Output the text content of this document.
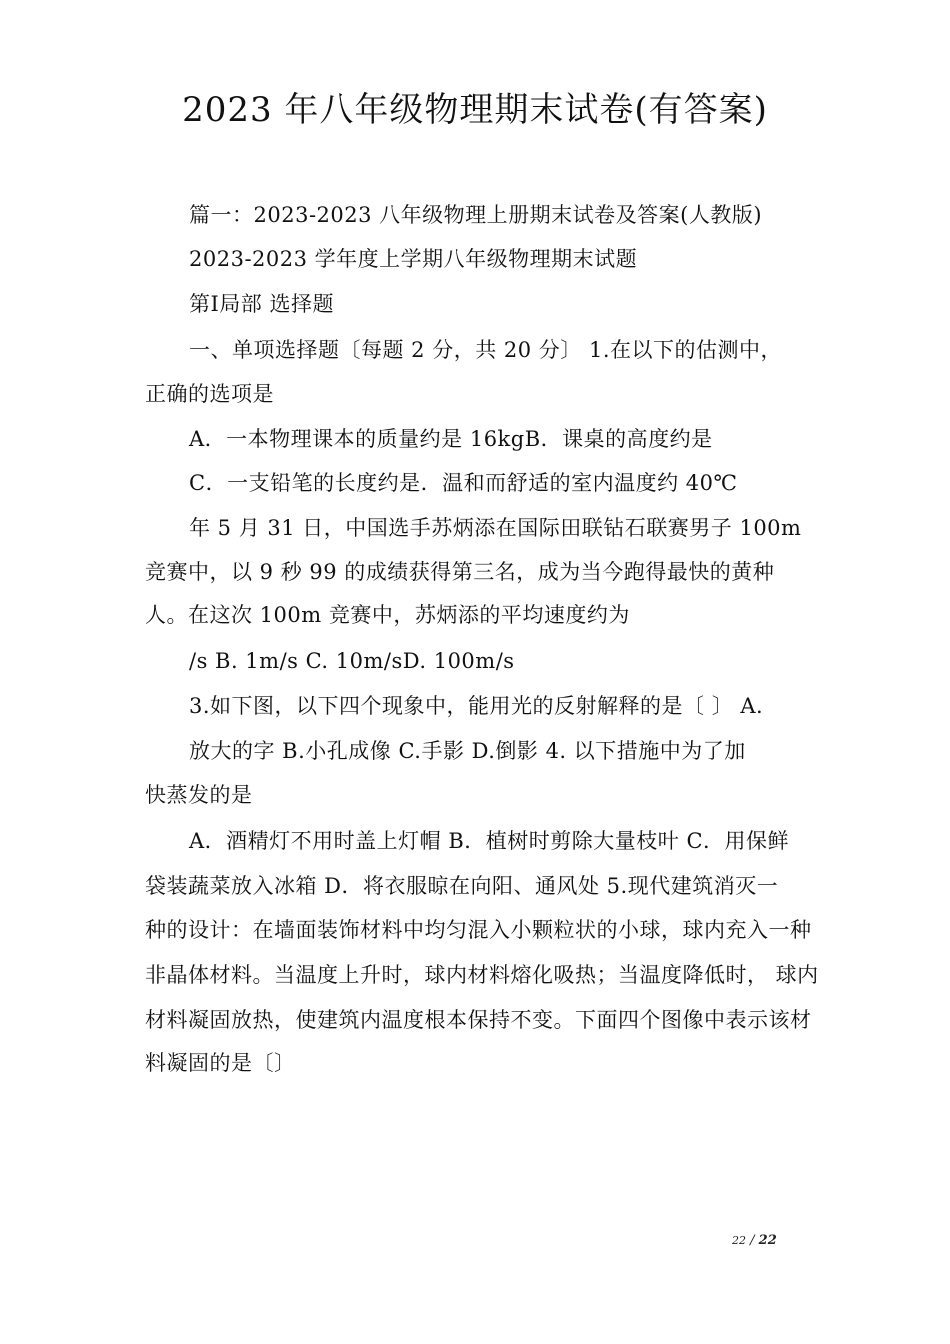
2023 年八年级物理期末试卷(有答案)
篇一：2023-2023 八年级物理上册期末试卷及答案(人教版)
2023-2023 学年度上学期八年级物理期末试题
第Ⅰ局部 选择题
一、单项选择题〔每题 2 分，共 20 分〕 1.在以下的估测中，
正确的选项是
A．一本物理课本的质量约是 16kgB．课桌的高度约是
C．一支铅笔的长度约是．温和而舒适的室内温度约 40℃
年 5 月 31 日，中国选手苏炳添在国际田联钻石联赛男子 100m
竞赛中，以 9 秒 99 的成绩获得第三名，成为当今跑得最快的黄种
人。在这次 100m 竞赛中，苏炳添的平均速度约为
/s B. 1m/s C. 10m/sD. 100m/s
3.如下图，以下四个现象中，能用光的反射解释的是〔 〕 A.
放大的字 B.小孔成像 C.手影 D.倒影 4. 以下措施中为了加
快蒸发的是
A．酒精灯不用时盖上灯帽 B．植树时剪除大量枝叶 C．用保鲜
袋装蔬菜放入冰箱 D．将衣服晾在向阳、通风处 5.现代建筑消灭一
种的设计：在墙面装饰材料中均匀混入小颗粒状的小球，球内充入一种
非晶体材料。当温度上升时，球内材料熔化吸热；当温度降低时， 球内
材料凝固放热，使建筑内温度根本保持不变。下面四个图像中表示该材
料凝固的是〔〕
22 / 22
